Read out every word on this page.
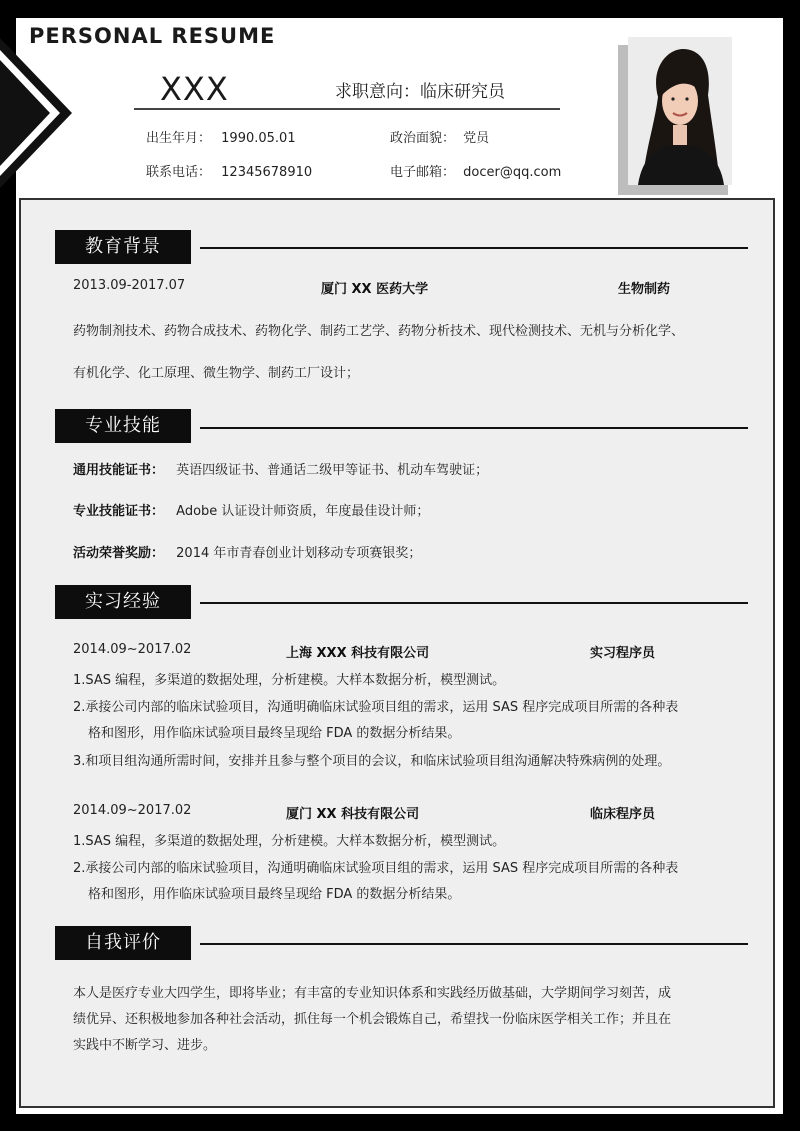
PERSONAL RESUME
XXX	求职意向：临床研究员
出生年月： 1990.05.01	政治面貌： 党员
联系电话： 12345678910	电子邮箱： docer@qq.com
教育背景
2013.09-2017.07	厦门 XX 医药大学	生物制药
药物制剂技术、药物合成技术、药物化学、制药工艺学、药物分析技术、现代检测技术、无机与分析化学、
有机化学、化工原理、微生物学、制药工厂设计；
专业技能
通用技能证书： 英语四级证书、普通话二级甲等证书、机动车驾驶证；
专业技能证书： Adobe 认证设计师资质，年度最佳设计师；
活动荣誉奖励： 2014 年市青春创业计划移动专项赛银奖；
实习经验
2014.09~2017.02	上海 XXX 科技有限公司	实习程序员
1.SAS 编程，多渠道的数据处理，分析建模。大样本数据分析，模型测试。
2.承接公司内部的临床试验项目，沟通明确临床试验项目组的需求，运用 SAS 程序完成项目所需的各种表
格和图形，用作临床试验项目最终呈现给 FDA 的数据分析结果。
3.和项目组沟通所需时间，安排并且参与整个项目的会议，和临床试验项目组沟通解决特殊病例的处理。
2014.09~2017.02	厦门 XX 科技有限公司	临床程序员
1.SAS 编程，多渠道的数据处理，分析建模。大样本数据分析，模型测试。
2.承接公司内部的临床试验项目，沟通明确临床试验项目组的需求，运用 SAS 程序完成项目所需的各种表
格和图形，用作临床试验项目最终呈现给 FDA 的数据分析结果。
自我评价
本人是医疗专业大四学生，即将毕业；有丰富的专业知识体系和实践经历做基础，大学期间学习刻苦，成
绩优异、还积极地参加各种社会活动，抓住每一个机会锻炼自己，希望找一份临床医学相关工作；并且在
实践中不断学习、进步。
